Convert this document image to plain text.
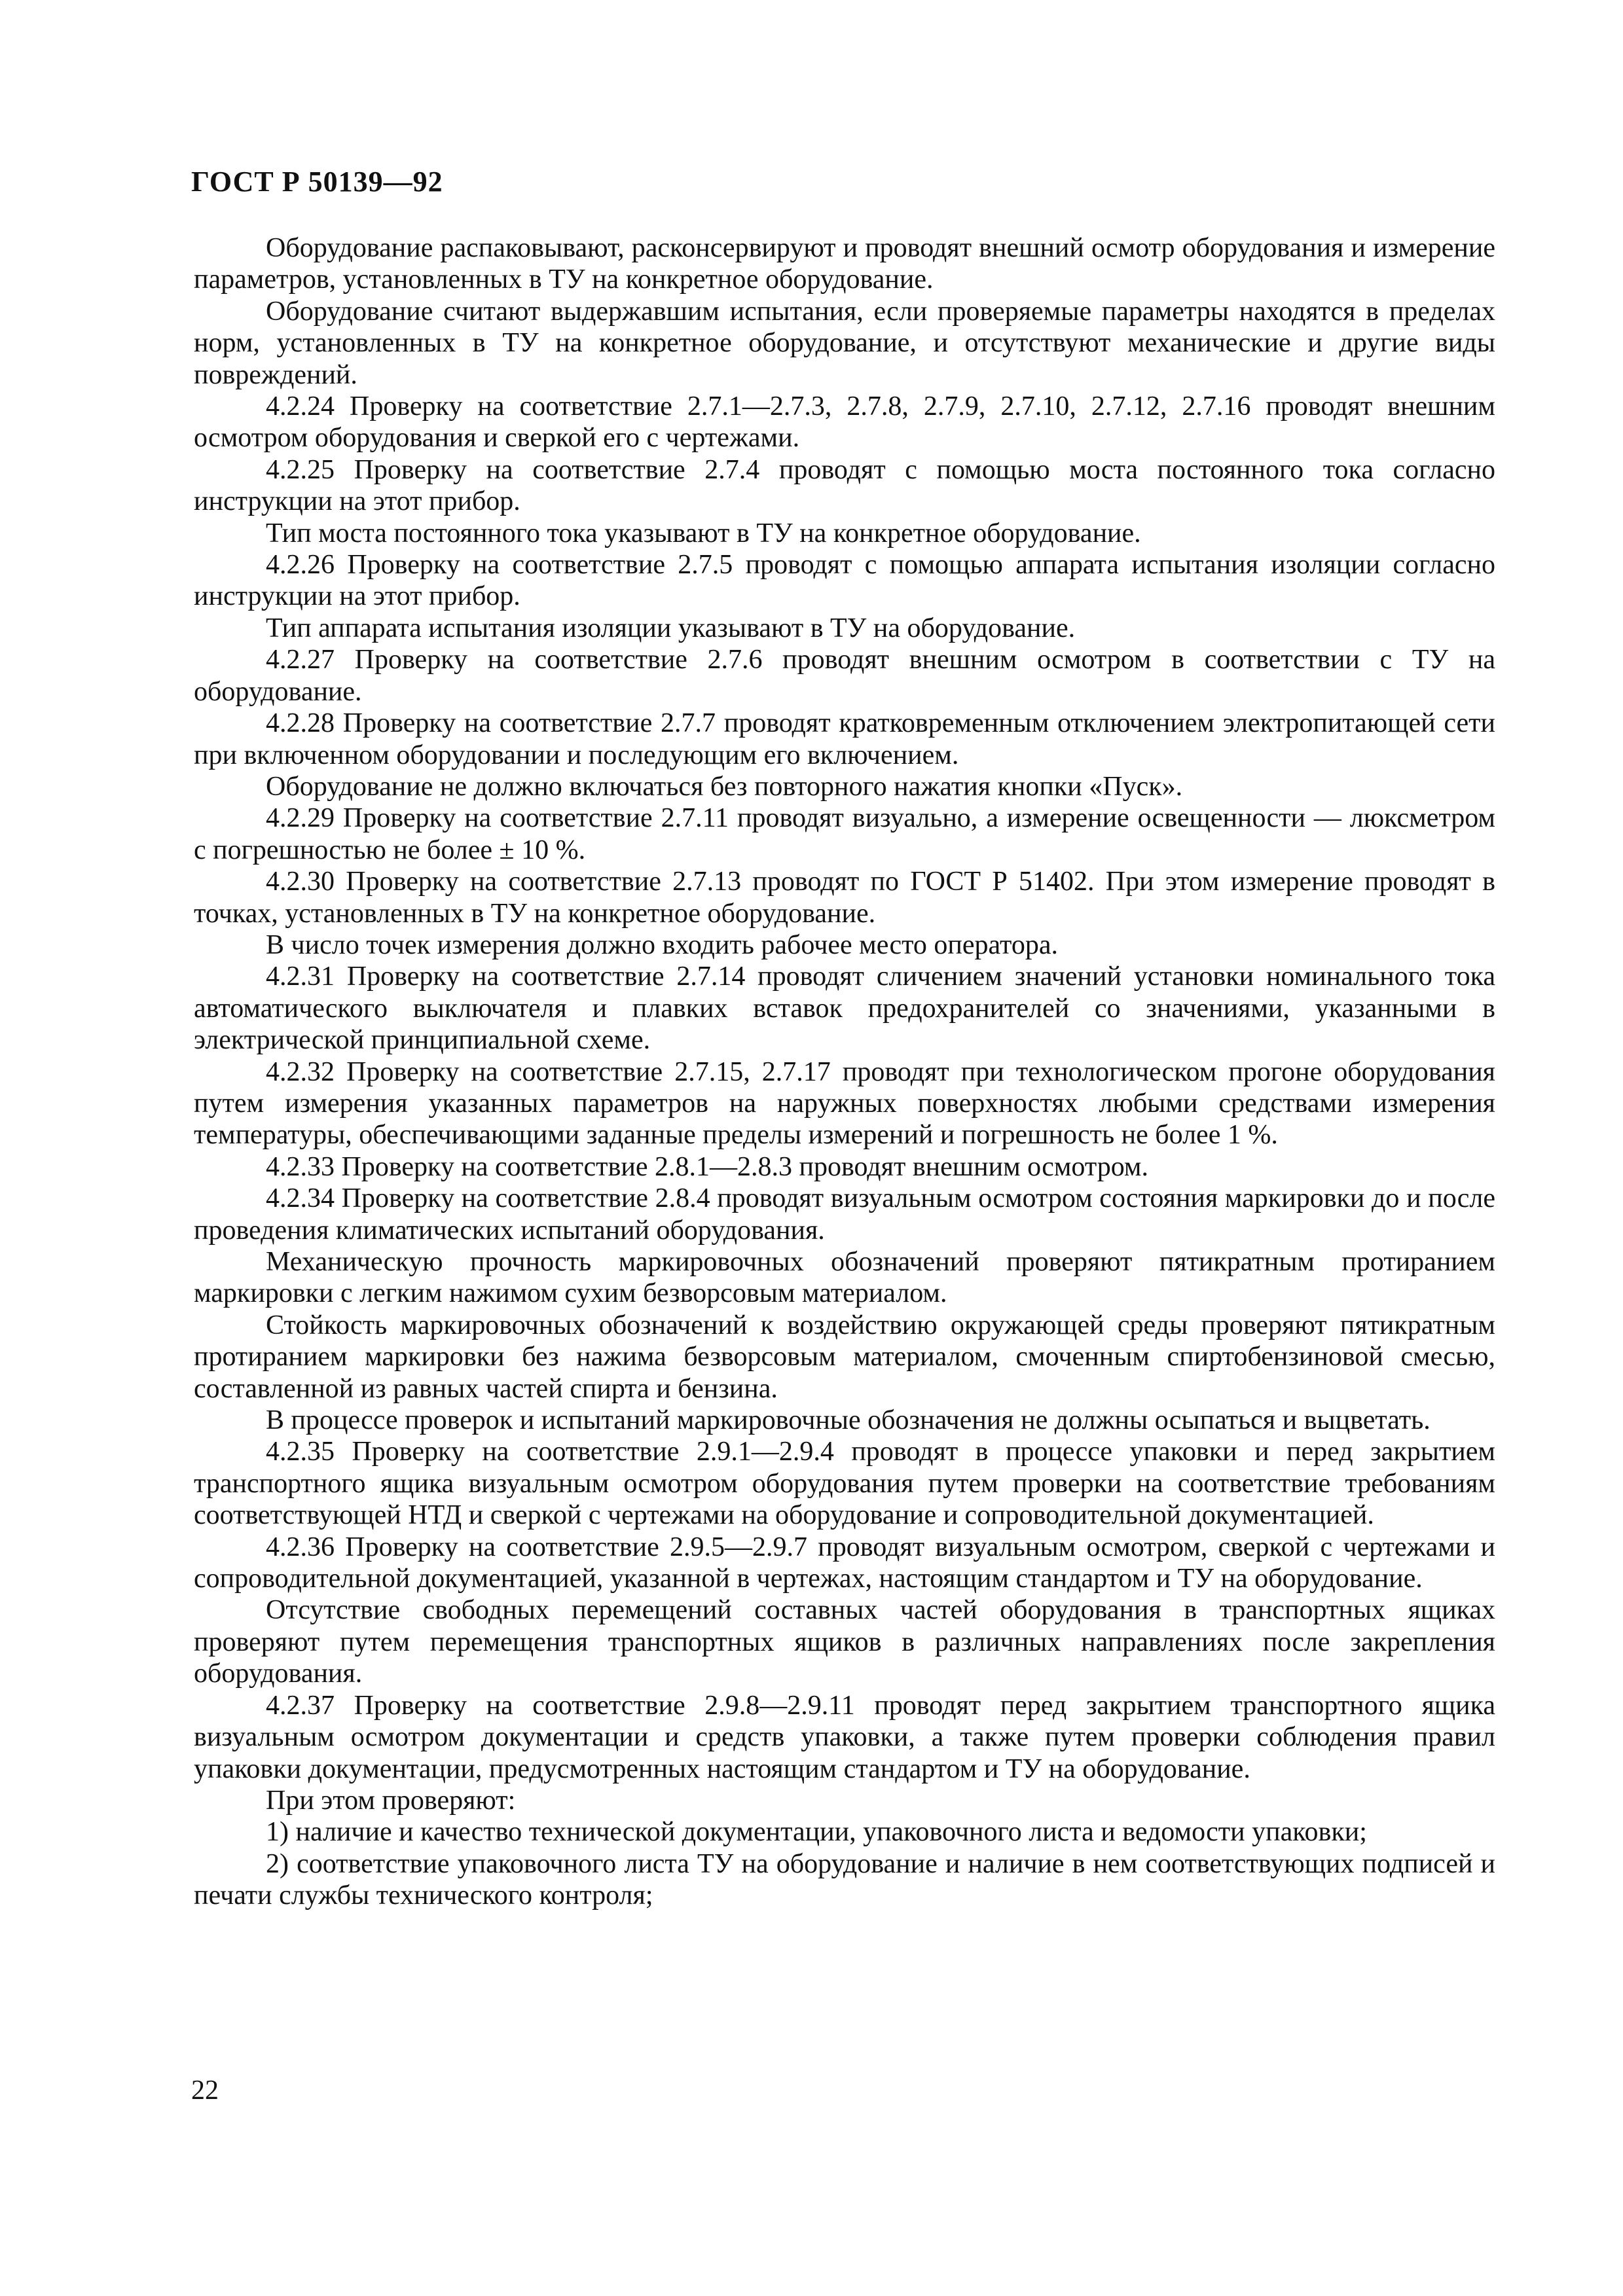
ГОСТ Р 50139—92

Оборудование распаковывают, расконсервируют и проводят внешний осмотр оборудования и измерение параметров, установленных в ТУ на конкретное оборудование.

Оборудование считают выдержавшим испытания, если проверяемые параметры находятся в пределах норм, установленных в ТУ на конкретное оборудование, и отсутствуют механические и другие виды повреждений.

4.2.24 Проверку на соответствие 2.7.1—2.7.3, 2.7.8, 2.7.9, 2.7.10, 2.7.12, 2.7.16 проводят внешним осмотром оборудования и сверкой его с чертежами.

4.2.25 Проверку на соответствие 2.7.4 проводят с помощью моста постоянного тока согласно инструкции на этот прибор.

Тип моста постоянного тока указывают в ТУ на конкретное оборудование.

4.2.26 Проверку на соответствие 2.7.5 проводят с помощью аппарата испытания изоляции согласно инструкции на этот прибор.

Тип аппарата испытания изоляции указывают в ТУ на оборудование.

4.2.27 Проверку на соответствие 2.7.6 проводят внешним осмотром в соответствии с ТУ на оборудование.

4.2.28 Проверку на соответствие 2.7.7 проводят кратковременным отключением электропитающей сети при включенном оборудовании и последующим его включением.

Оборудование не должно включаться без повторного нажатия кнопки «Пуск».

4.2.29 Проверку на соответствие 2.7.11 проводят визуально, а измерение освещенности — люксметром с погрешностью не более ± 10 %.

4.2.30 Проверку на соответствие 2.7.13 проводят по ГОСТ Р 51402. При этом измерение проводят в точках, установленных в ТУ на конкретное оборудование.

В число точек измерения должно входить рабочее место оператора.

4.2.31 Проверку на соответствие 2.7.14 проводят сличением значений установки номинального тока автоматического выключателя и плавких вставок предохранителей со значениями, указанными в электрической принципиальной схеме.

4.2.32 Проверку на соответствие 2.7.15, 2.7.17 проводят при технологическом прогоне оборудования путем измерения указанных параметров на наружных поверхностях любыми средствами измерения температуры, обеспечивающими заданные пределы измерений и погрешность не более 1 %.

4.2.33 Проверку на соответствие 2.8.1—2.8.3 проводят внешним осмотром.

4.2.34 Проверку на соответствие 2.8.4 проводят визуальным осмотром состояния маркировки до и после проведения климатических испытаний оборудования.

Механическую прочность маркировочных обозначений проверяют пятикратным протиранием маркировки с легким нажимом сухим безворсовым материалом.

Стойкость маркировочных обозначений к воздействию окружающей среды проверяют пятикратным протиранием маркировки без нажима безворсовым материалом, смоченным спиртобензиновой смесью, составленной из равных частей спирта и бензина.

В процессе проверок и испытаний маркировочные обозначения не должны осыпаться и выцветать.

4.2.35 Проверку на соответствие 2.9.1—2.9.4 проводят в процессе упаковки и перед закрытием транспортного ящика визуальным осмотром оборудования путем проверки на соответствие требованиям соответствующей НТД и сверкой с чертежами на оборудование и сопроводительной документацией.

4.2.36 Проверку на соответствие 2.9.5—2.9.7 проводят визуальным осмотром, сверкой с чертежами и сопроводительной документацией, указанной в чертежах, настоящим стандартом и ТУ на оборудование.

Отсутствие свободных перемещений составных частей оборудования в транспортных ящиках проверяют путем перемещения транспортных ящиков в различных направлениях после закрепления оборудования.

4.2.37 Проверку на соответствие 2.9.8—2.9.11 проводят перед закрытием транспортного ящика визуальным осмотром документации и средств упаковки, а также путем проверки соблюдения правил упаковки документации, предусмотренных настоящим стандартом и ТУ на оборудование.

При этом проверяют:

1) наличие и качество технической документации, упаковочного листа и ведомости упаковки;

2) соответствие упаковочного листа ТУ на оборудование и наличие в нем соответствующих подписей и печати службы технического контроля;

22
